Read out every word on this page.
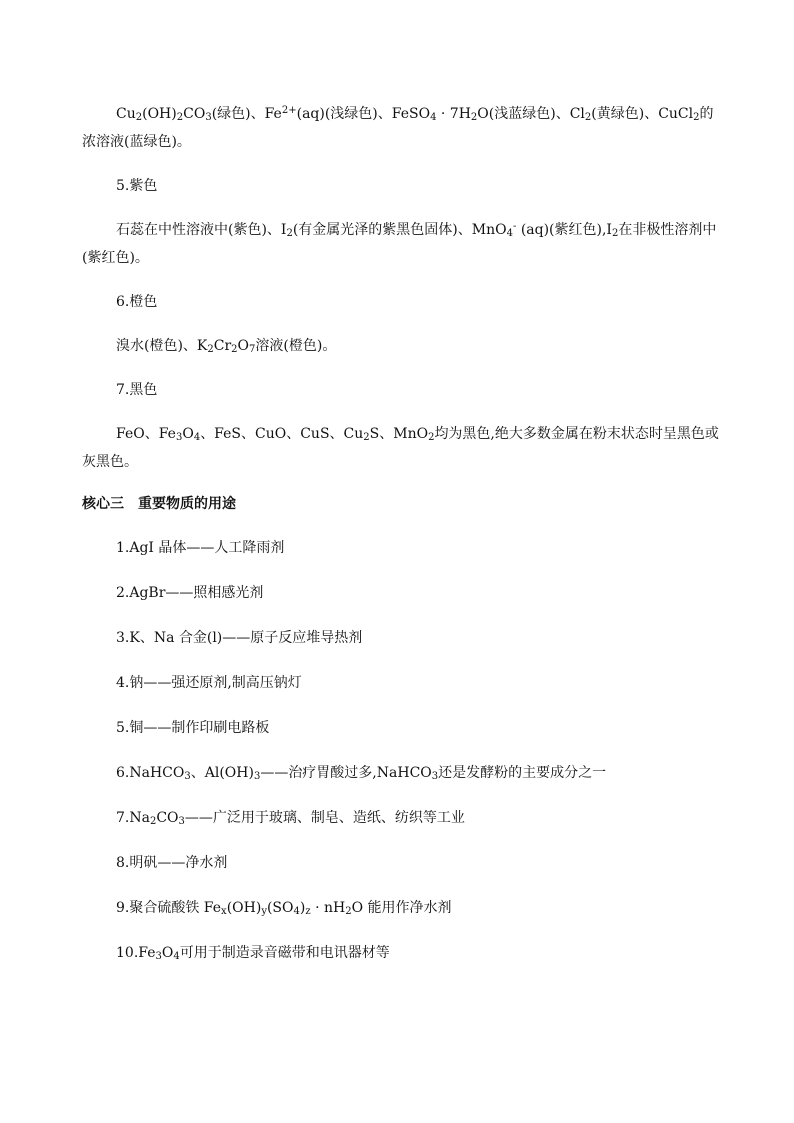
$Cu_2(OH)_2CO_3$(绿色)、$Fe^{2+}(aq)$(浅绿色)、FeSO$_4$ · $7H_2O$(浅蓝绿色)、$Cl_2$(黄绿色)、CuCl$_2$的浓溶液(蓝绿色)。

5.紫色

石蕊在中性溶液中(紫色)、$I_2$(有金属光泽的紫黑色固体)、MnO$_4$- (aq)(紫红色)$,I_2$在非极性溶剂中(紫红色)。

6.橙色

溴水(橙色)、$K_2Cr_2O_7$溶液(橙色)。

7.黑色

FeO、$Fe_3O_4$、FeS、CuO、CuS、$Cu_2S$、MnO$_2$均为黑色,绝大多数金属在粉末状态时呈黑色或灰黑色。

核心三　重要物质的用途

1.AgI 晶体——人工降雨剂

2.AgBr——照相感光剂

3.K、Na 合金(l)——原子反应堆导热剂

4.钠——强还原剂,制高压钠灯

5.铜——制作印刷电路板

6.NaHCO$_3$、$Al(OH)_3——$治疗胃酸过多,NaHCO$_3$还是发酵粉的主要成分之一

$7.Na_2CO_3——$广泛用于玻璃、制皂、造纸、纺织等工业

8.明矾——净水剂

9.聚合硫酸铁 $Fe_x(OH)_y(SO_4)_z \cdot nH_2O$ 能用作净水剂

$10.Fe_3O_4$可用于制造录音磁带和电讯器材等
